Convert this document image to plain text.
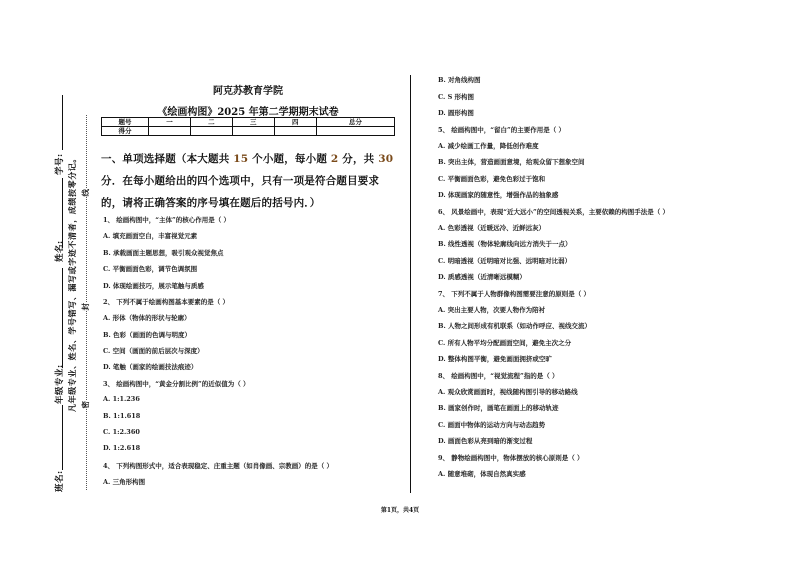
学号:
姓名:
年级专业:
班名:
凡年级专业、姓名、学号错写、漏写或字迹不清者，成绩按零分记。 线
封
密
阿克苏教育学院
《绘画构图》2025 年第二学期期末试卷
题号	一	二	三	四	总分
得分					
一、单项选择题（本大题共 15 个小题，每小题 2 分，共 30 分．在每小题给出的四个选项中，只有一项是符合题目要求的，请将正确答案的序号填在题后的括号内．）
1、 绘画构图中，“主体”的核心作用是（ ）
A. 填充画面空白，丰富视觉元素
B. 承载画面主题思想，吸引观众视觉焦点
C. 平衡画面色彩，调节色调氛围
D. 体现绘画技巧，展示笔触与质感
2、 下列不属于绘画构图基本要素的是（ ）
A. 形体（物体的形状与轮廓）
B. 色彩（画面的色调与明度）
C. 空间（画面的前后层次与深度）
D. 笔触（画家的绘画技法痕迹）
3、 绘画构图中，“黄金分割比例”的近似值为（ ）
A. 1:1.236
B. 1:1.618
C. 1:2.360
D. 1:2.618
4、 下列构图形式中，适合表现稳定、庄重主题（如肖像画、宗教画）的是（ ）
A. 三角形构图
B. 对角线构图
C. S 形构图
D. 圆形构图
5、 绘画构图中，“留白”的主要作用是（ ）
A. 减少绘画工作量，降低创作难度
B. 突出主体，营造画面意境，给观众留下想象空间
C. 平衡画面色彩，避免色彩过于饱和
D. 体现画家的随意性，增强作品的抽象感
6、 风景绘画中，表现“近大远小”的空间透视关系，主要依赖的构图手法是（ ）
A. 色彩透视（近暖远冷、近鲜远灰）
B. 线性透视（物体轮廓线向远方消失于一点）
C. 明暗透视（近明暗对比强、远明暗对比弱）
D. 质感透视（近清晰远模糊）
7、 下列不属于人物群像构图需要注意的原则是（ ）
A. 突出主要人物，次要人物作为陪衬
B. 人物之间形成有机联系（如动作呼应、视线交流）
C. 所有人物平均分配画面空间，避免主次之分
D. 整体构图平衡，避免画面拥挤或空旷
8、 绘画构图中，“视觉流程”指的是（ ）
A. 观众欣赏画面时，视线随构图引导的移动路线
B. 画家创作时，画笔在画面上的移动轨迹
C. 画面中物体的运动方向与动态趋势
D. 画面色彩从亮到暗的渐变过程
9、 静物绘画构图中，物体摆放的核心原则是（ ）
A. 随意堆砌，体现自然真实感
第1页，共4页
